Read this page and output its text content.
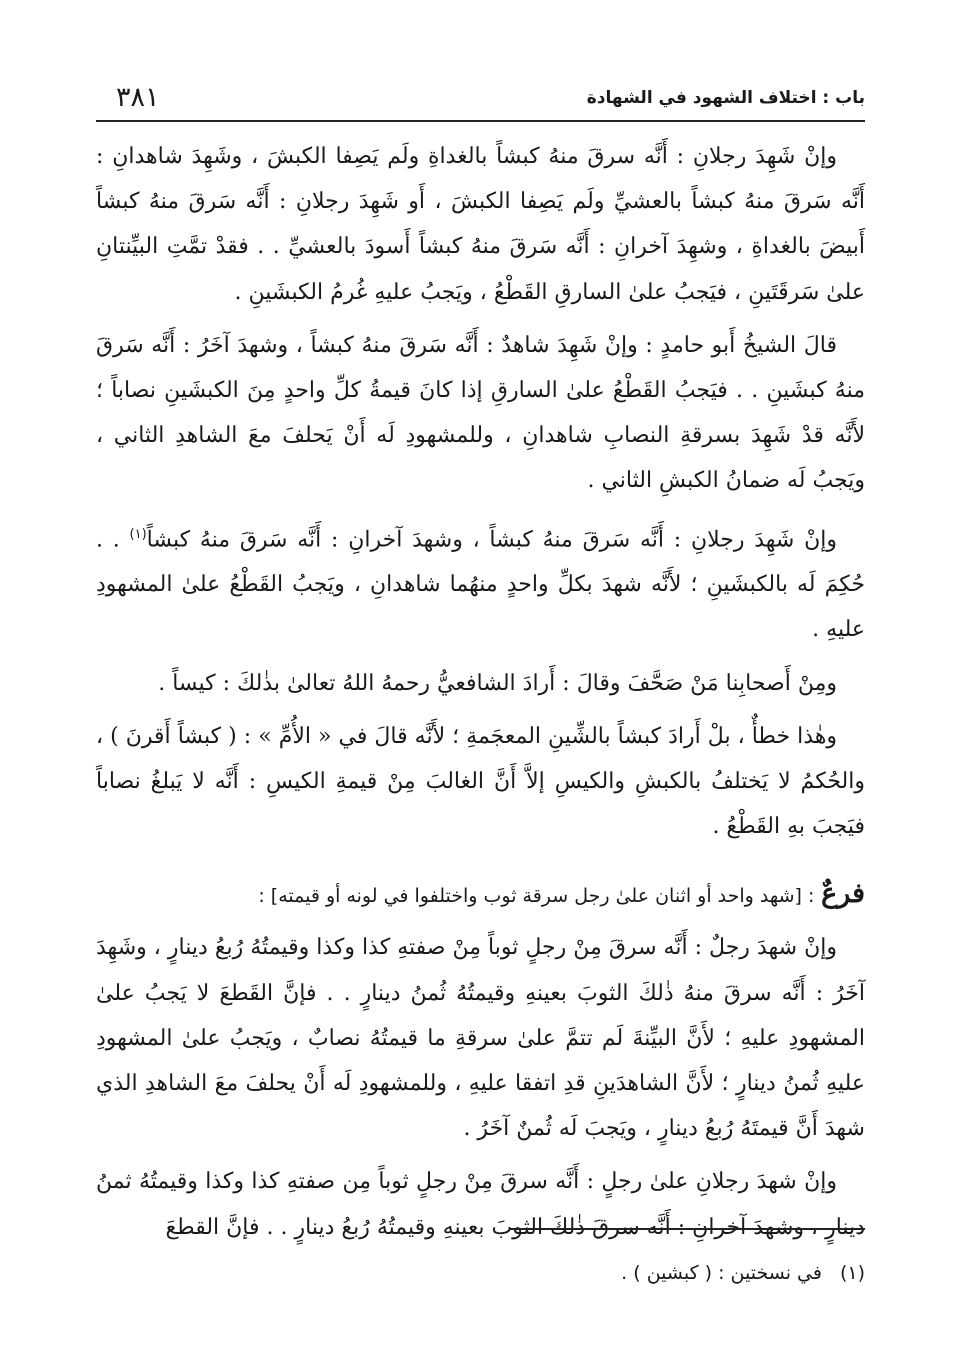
باب : اختلاف الشهود في الشهادة
٣٨١

وإنْ شَهِدَ رجلانِ : أَنَّه سرقَ منهُ كبشاً بالغداةِ ولَم يَصِفا الكبشَ ، وشَهِدَ شاهدانِ : أَنَّه سَرقَ منهُ كبشاً بالعشيِّ ولَم يَصِفا الكبشَ ، أَو شَهِدَ رجلانِ : أَنَّه سَرقَ منهُ كبشاً أَبيضَ بالغداةِ ، وشهِدَ آخرانِ : أَنَّه سَرقَ منهُ كبشاً أَسودَ بالعشيِّ . . فقدْ تمَّتِ البيِّنتانِ علىٰ سَرقَتَينِ ، فيَجبُ علىٰ السارقِ القَطْعُ ، ويَجبُ عليهِ غُرمُ الكبشَينِ .

قالَ الشيخُ أَبو حامدٍ : وإنْ شَهِدَ شاهدٌ : أَنَّه سَرقَ منهُ كبشاً ، وشهدَ آخَرُ : أَنَّه سَرقَ منهُ كبشَينِ . . فيَجبُ القَطْعُ علىٰ السارقِ إذا كانَ قيمةُ كلِّ واحدٍ مِنَ الكبشَينِ نصاباً ؛ لأَنَّه قدْ شَهِدَ بسرقةِ النصابِ شاهدانِ ، وللمشهودِ لَه أَنْ يَحلفَ معَ الشاهدِ الثاني ، ويَجبُ لَه ضمانُ الكبشِ الثاني .

وإنْ شَهِدَ رجلانِ : أَنَّه سَرقَ منهُ كبشاً ، وشهدَ آخرانِ : أَنَّه سَرقَ منهُ كبشاً$^{(١)}$ . . حُكِمَ لَه بالكبشَينِ ؛ لأَنَّه شهدَ بكلِّ واحدٍ منهُما شاهدانِ ، ويَجبُ القَطْعُ علىٰ المشهودِ عليهِ .

ومِنْ أَصحابِنا مَنْ صَحَّفَ وقالَ : أَرادَ الشافعيُّ رحمهُ اللهُ تعالىٰ بذٰلكَ : كيساً .

وهٰذا خطأٌ ، بلْ أَرادَ كبشاً بالشِّينِ المعجَمةِ ؛ لأَنَّه قالَ في « الأُمِّ » : ( كبشاً أَقرنَ ) ، والحُكمُ لا يَختلفُ بالكبشِ والكيسِ إلاَّ أَنَّ الغالبَ مِنْ قيمةِ الكيسِ : أَنَّه لا يَبلغُ نصاباً فيَجبَ بهِ القَطْعُ .

فرعٌ : [شهد واحد أو اثنان علىٰ رجل سرقة ثوب واختلفوا في لونه أو قيمته] :

وإنْ شهدَ رجلٌ : أَنَّه سرقَ مِنْ رجلٍ ثوباً مِنْ صفتهِ كذا وكذا وقيمتُهُ رُبعُ دينارٍ ، وشَهِدَ آخَرُ : أَنَّه سرقَ منهُ ذٰلكَ الثوبَ بعينهِ وقيمتُهُ ثُمنُ دينارٍ . . فإنَّ القَطعَ لا يَجبُ علىٰ المشهودِ عليهِ ؛ لأَنَّ البيِّنةَ لَم تتمَّ علىٰ سرقةِ ما قيمتُهُ نصابٌ ، ويَجبُ علىٰ المشهودِ عليهِ ثُمنُ دينارٍ ؛ لأَنَّ الشاهدَينِ قدِ اتفقا عليهِ ، وللمشهودِ لَه أَنْ يحلفَ معَ الشاهدِ الذي شهدَ أَنَّ قيمتَهُ رُبعُ دينارٍ ، ويَجبَ لَه ثُمنٌ آخَرُ .

وإنْ شهدَ رجلانِ علىٰ رجلٍ : أَنَّه سرقَ مِنْ رجلٍ ثوباً مِن صفتهِ كذا وكذا وقيمتُهُ ثمنُ دينارٍ ، وشهدَ آخرانِ : أَنَّه سرقَ ذٰلكَ الثوبَ بعينهِ وقيمتُهُ رُبعُ دينارٍ . . فإنَّ القطعَ

(١)في نسختين : ( كبشين ) .
